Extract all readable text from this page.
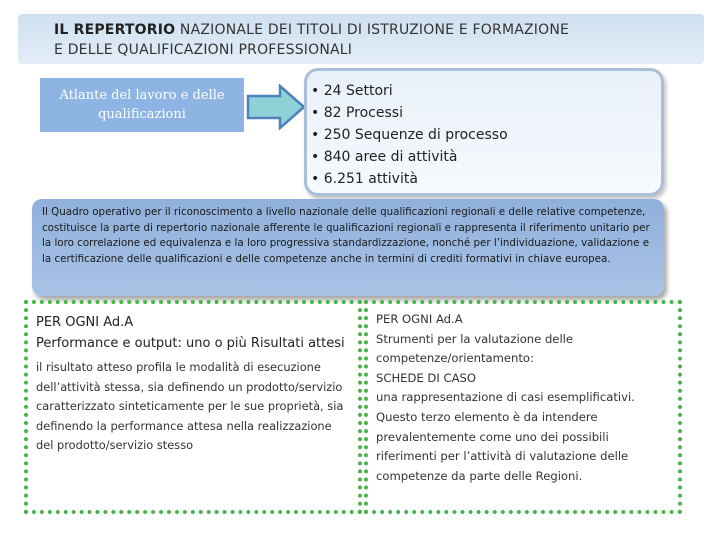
IL REPERTORIO NAZIONALE DEI TITOLI DI ISTRUZIONE E FORMAZIONE
E DELLE QUALIFICAZIONI PROFESSIONALI
Atlante del lavoro e delle qualificazioni
• 24 Settori
• 82 Processi
• 250 Sequenze di processo
• 840 aree di attività
• 6.251 attività

Il Quadro operativo per il riconoscimento a livello nazionale delle qualificazioni regionali e delle relative competenze, costituisce la parte di repertorio nazionale afferente le qualificazioni regionali e rappresenta il riferimento unitario per la loro correlazione ed equivalenza e la loro progressiva standardizzazione, nonché per l’individuazione, validazione e la certificazione delle qualificazioni e delle competenze anche in termini di crediti formativi in chiave europea.

PER OGNI Ad.A
Performance e output: uno o più Risultati attesi

il risultato atteso profila le modalità di esecuzione dell’attività stessa, sia definendo un prodotto/servizio caratterizzato sinteticamente per le sue proprietà, sia definendo la performance attesa nella realizzazione del prodotto/servizio stesso

PER OGNI Ad.A
Strumenti per la valutazione delle competenze/orientamento:
SCHEDE DI CASO
una rappresentazione di casi esemplificativi. Questo terzo elemento è da intendere prevalentemente come uno dei possibili riferimenti per l’attività di valutazione delle competenze da parte delle Regioni.
